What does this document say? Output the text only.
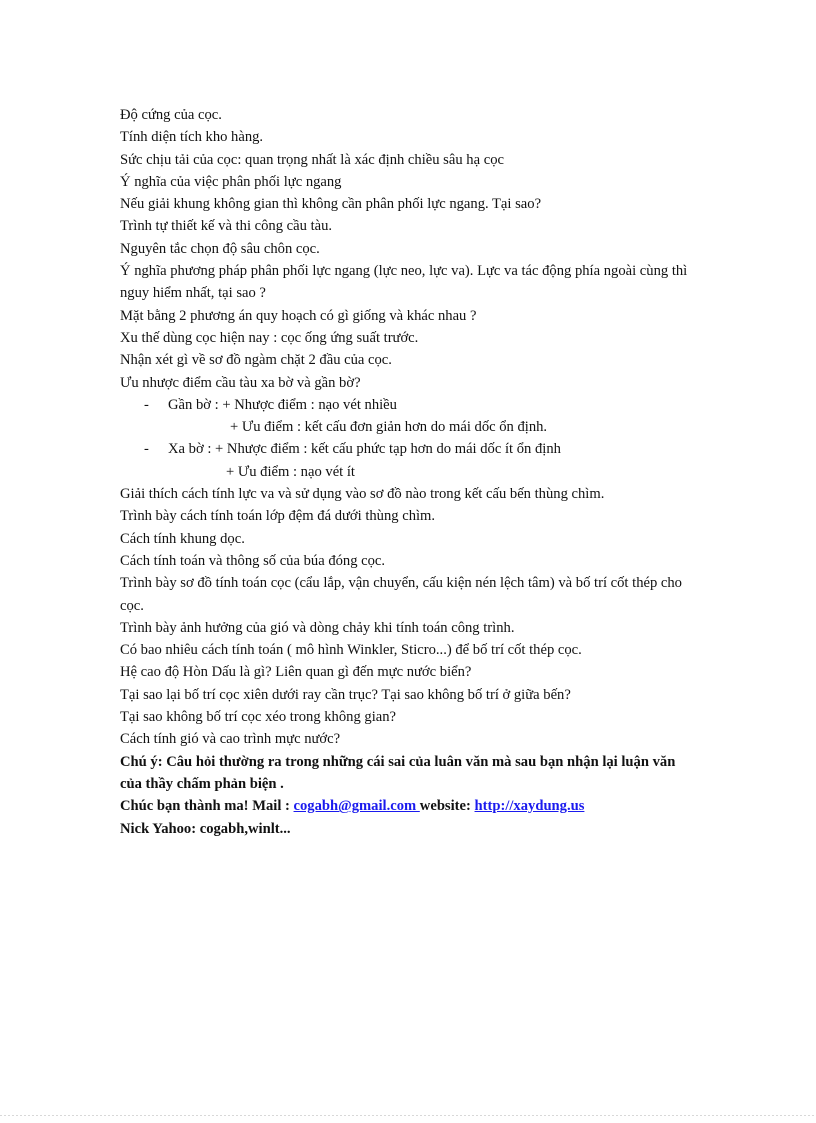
Độ cứng của cọc.
Tính diện tích kho hàng.
Sức chịu tải của cọc: quan trọng nhất là xác định chiều sâu hạ cọc
Ý nghĩa của việc phân phối lực ngang
Nếu giải khung không gian thì không cần phân phối lực ngang. Tại sao?
Trình tự thiết kế và thi công cầu tàu.
Nguyên tắc chọn độ sâu chôn cọc.
Ý nghĩa phương pháp phân phối lực ngang (lực neo, lực va). Lực va tác động phía ngoài cùng thì nguy hiểm nhất, tại sao ?
Mặt bằng 2 phương án quy hoạch có gì giống và khác nhau ?
Xu thế dùng cọc hiện nay : cọc ống ứng suất trước.
Nhận xét gì về sơ đồ ngàm chặt 2 đầu của cọc.
Ưu nhược điểm cầu tàu xa bờ và gần bờ?
- Gần bờ : + Nhược điểm : nạo vét nhiều
+ Ưu điểm : kết cấu đơn giản hơn do mái dốc ổn định.
- Xa bờ : + Nhược điểm : kết cấu phức tạp hơn do mái dốc ít ổn định
+ Ưu điểm : nạo vét ít
Giải thích cách tính lực va và sử dụng vào sơ đồ nào trong kết cấu bến thùng chìm.
Trình bày cách tính toán lớp đệm đá dưới thùng chìm.
Cách tính khung dọc.
Cách tính toán và thông số của búa đóng cọc.
Trình bày sơ đồ tính toán cọc (cẩu lắp, vận chuyển, cấu kiện nén lệch tâm) và bố trí cốt thép cho cọc.
Trình bày ảnh hưởng của gió và dòng chảy khi tính toán công trình.
Có bao nhiêu cách tính toán ( mô hình Winkler, Sticro...) để bố trí cốt thép cọc.
Hệ cao độ Hòn Dấu là gì? Liên quan gì đến mực nước biển?
Tại sao lại bố trí cọc xiên dưới ray cần trục? Tại sao không bố trí ở giữa bến?
Tại sao không bố trí cọc xéo trong không gian?
Cách tính gió và cao trình mực nước?
Chú ý: Câu hỏi thường ra trong những cái sai của luân văn mà sau bạn nhận lại luận văn của thầy chấm phản biện .
Chúc bạn thành ma! Mail : cogabh@gmail.com website: http://xaydung.us
Nick Yahoo: cogabh,winlt...
